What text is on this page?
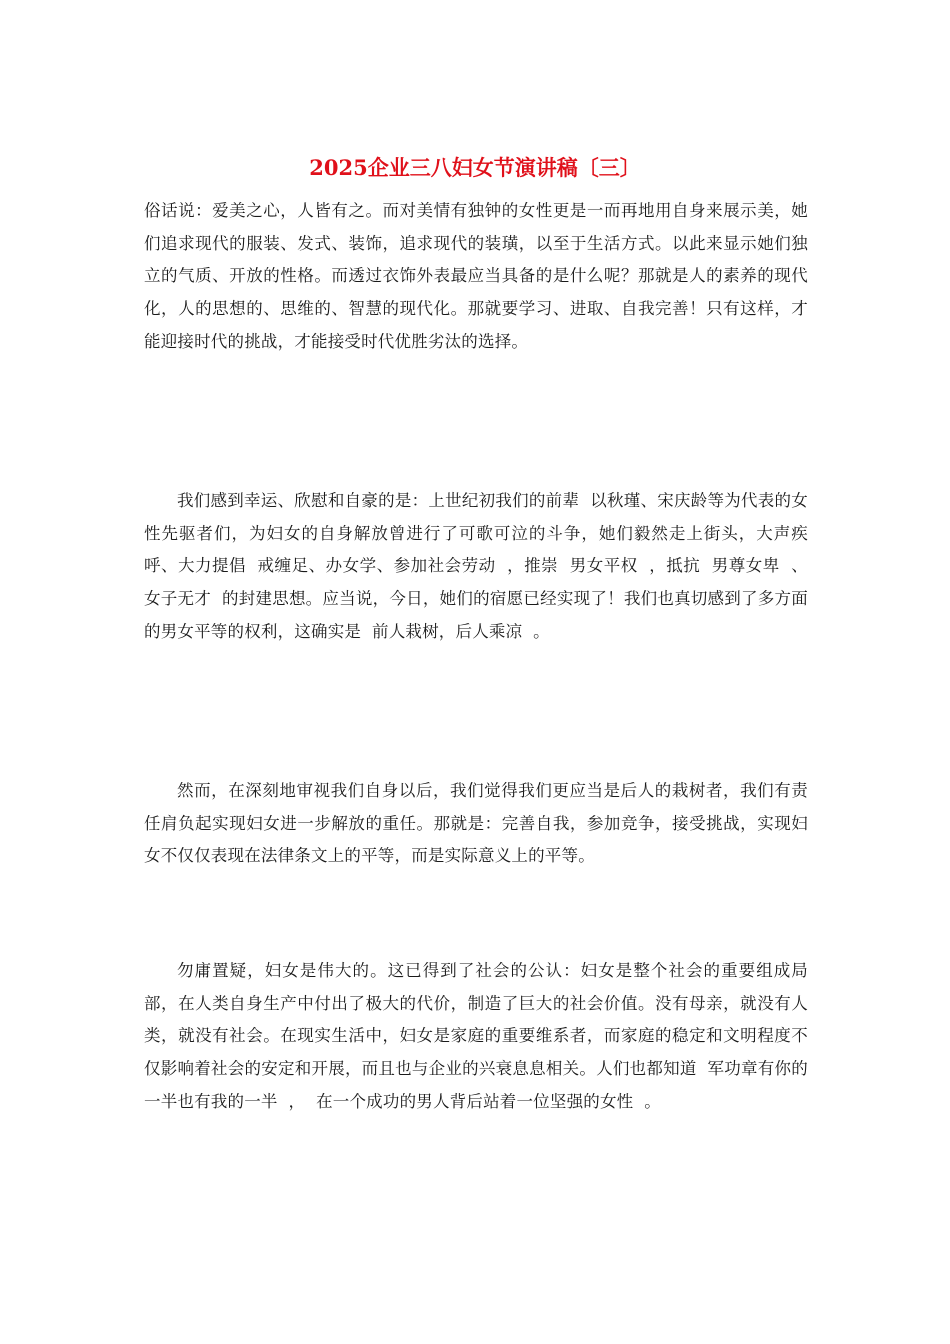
2025企业三八妇女节演讲稿〔三〕

俗话说：爱美之心，人皆有之。而对美情有独钟的女性更是一而再地用自身来展示美，她们追求现代的服装、发式、装饰，追求现代的装璜，以至于生活方式。以此来显示她们独立的气质、开放的性格。而透过衣饰外表最应当具备的是什么呢？那就是人的素养的现代化，人的思想的、思维的、智慧的现代化。那就要学习、进取、自我完善！只有这样，才能迎接时代的挑战，才能接受时代优胜劣汰的选择。

我们感到幸运、欣慰和自豪的是：上世纪初我们的前辈  以秋瑾、宋庆龄等为代表的女性先驱者们，为妇女的自身解放曾进行了可歌可泣的斗争，她们毅然走上街头，大声疾呼、大力提倡  戒缠足、办女学、参加社会劳动  ，推崇  男女平权  ，抵抗  男尊女卑  、  女子无才  的封建思想。应当说，今日，她们的宿愿已经实现了！我们也真切感到了多方面的男女平等的权利，这确实是  前人栽树，后人乘凉  。

然而，在深刻地审视我们自身以后，我们觉得我们更应当是后人的栽树者，我们有责任肩负起实现妇女进一步解放的重任。那就是：完善自我，参加竞争，接受挑战，实现妇女不仅仅表现在法律条文上的平等，而是实际意义上的平等。

勿庸置疑，妇女是伟大的。这已得到了社会的公认：妇女是整个社会的重要组成局部，在人类自身生产中付出了极大的代价，制造了巨大的社会价值。没有母亲，就没有人类，就没有社会。在现实生活中，妇女是家庭的重要维系者，而家庭的稳定和文明程度不仅影响着社会的安定和开展，而且也与企业的兴衰息息相关。人们也都知道  军功章有你的一半也有我的一半  ，  在一个成功的男人背后站着一位坚强的女性  。
